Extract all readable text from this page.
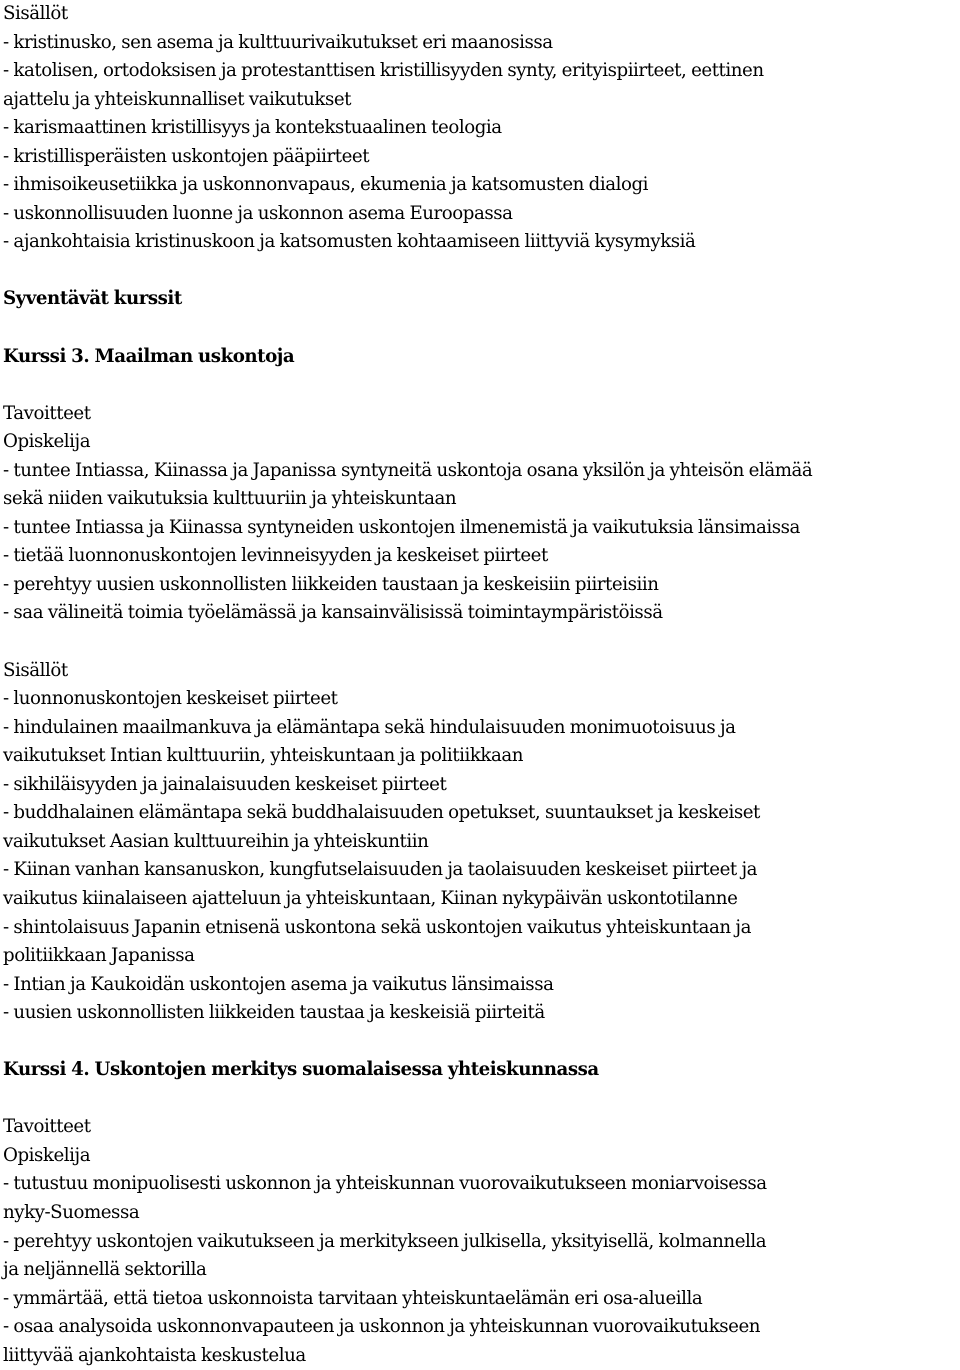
Sisällöt
- kristinusko, sen asema ja kulttuurivaikutukset eri maanosissa
- katolisen, ortodoksisen ja protestanttisen kristillisyyden synty, erityispiirteet, eettinen
ajattelu ja yhteiskunnalliset vaikutukset
- karismaattinen kristillisyys ja kontekstuaalinen teologia
- kristillisperäisten uskontojen pääpiirteet
- ihmisoikeusetiikka ja uskonnonvapaus, ekumenia ja katsomusten dialogi
- uskonnollisuuden luonne ja uskonnon asema Euroopassa
- ajankohtaisia kristinuskoon ja katsomusten kohtaamiseen liittyviä kysymyksiä
Syventävät kurssit
Kurssi 3. Maailman uskontoja
Tavoitteet
Opiskelija
- tuntee Intiassa, Kiinassa ja Japanissa syntyneitä uskontoja osana yksilön ja yhteisön elämää
sekä niiden vaikutuksia kulttuuriin ja yhteiskuntaan
- tuntee Intiassa ja Kiinassa syntyneiden uskontojen ilmenemistä ja vaikutuksia länsimaissa
- tietää luonnonuskontojen levinneisyyden ja keskeiset piirteet
- perehtyy uusien uskonnollisten liikkeiden taustaan ja keskeisiin piirteisiin
- saa välineitä toimia työelämässä ja kansainvälisissä toimintaympäristöissä
Sisällöt
- luonnonuskontojen keskeiset piirteet
- hindulainen maailmankuva ja elämäntapa sekä hindulaisuuden monimuotoisuus ja
vaikutukset Intian kulttuuriin, yhteiskuntaan ja politiikkaan
- sikhiläisyyden ja jainalaisuuden keskeiset piirteet
- buddhalainen elämäntapa sekä buddhalaisuuden opetukset, suuntaukset ja keskeiset
vaikutukset Aasian kulttuureihin ja yhteiskuntiin
- Kiinan vanhan kansanuskon, kungfutselaisuuden ja taolaisuuden keskeiset piirteet ja
vaikutus kiinalaiseen ajatteluun ja yhteiskuntaan, Kiinan nykypäivän uskontotilanne
- shintolaisuus Japanin etnisenä uskontona sekä uskontojen vaikutus yhteiskuntaan ja
politiikkaan Japanissa
- Intian ja Kaukoidän uskontojen asema ja vaikutus länsimaissa
- uusien uskonnollisten liikkeiden taustaa ja keskeisiä piirteitä
Kurssi 4. Uskontojen merkitys suomalaisessa yhteiskunnassa
Tavoitteet
Opiskelija
- tutustuu monipuolisesti uskonnon ja yhteiskunnan vuorovaikutukseen moniarvoisessa
nyky-Suomessa
- perehtyy uskontojen vaikutukseen ja merkitykseen julkisella, yksityisellä, kolmannella
ja neljännellä sektorilla
- ymmärtää, että tietoa uskonnoista tarvitaan yhteiskuntaelämän eri osa-alueilla
- osaa analysoida uskonnonvapauteen ja uskonnon ja yhteiskunnan vuorovaikutukseen
liittyvää ajankohtaista keskustelua
